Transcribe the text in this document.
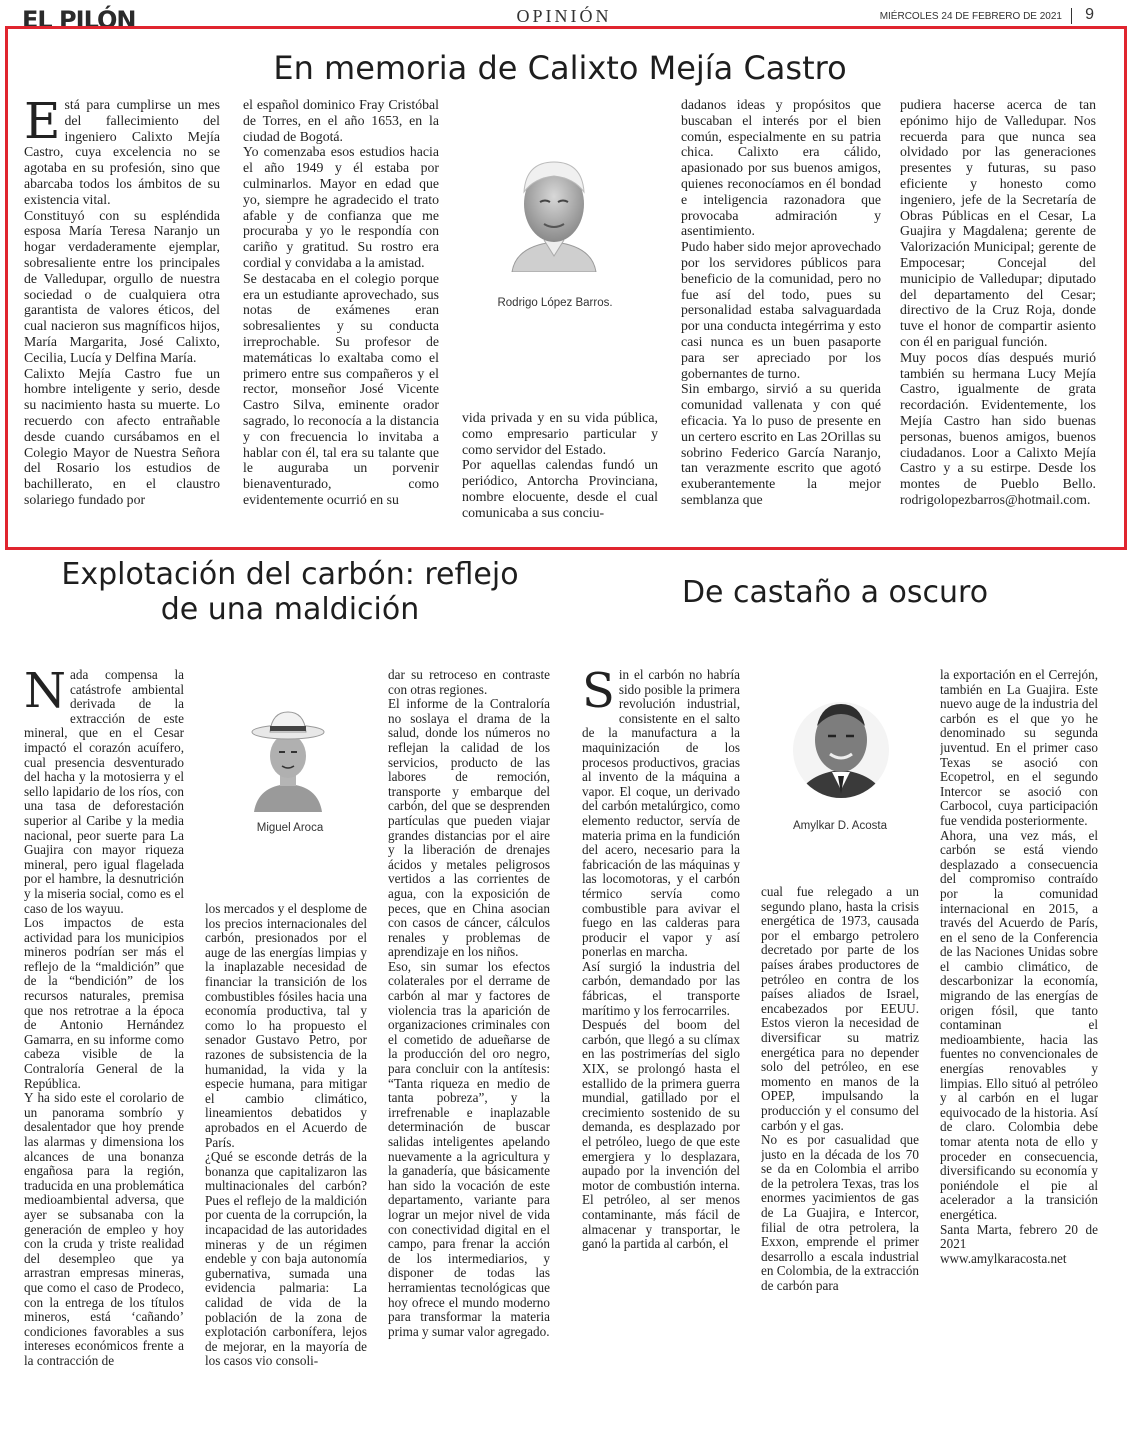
EL PILÓN	OPINIÓN	MIÉRCOLES 24 DE FEBRERO DE 2021 9
En memoria de Calixto Mejía Castro
E stá para cumplirse un mes del fallecimiento del ingeniero Calixto Mejía Castro, cuya excelencia no se agotaba en su profesión, sino que abarcaba todos los ámbitos de su existencia vital.
Constituyó con su espléndida esposa María Teresa Naranjo un hogar verdaderamente ejemplar, sobresaliente entre los principales de Valledupar, orgullo de nuestra sociedad o de cualquiera otra garantista de valores éticos, del cual nacieron sus magníficos hijos, María Margarita, José Calixto, Cecilia, Lucía y Delfina María.
Calixto Mejía Castro fue un hombre inteligente y serio, desde su nacimiento hasta su muerte. Lo recuerdo con afecto entrañable desde cuando cursábamos en el Colegio Mayor de Nuestra Señora del Rosario los estudios de bachillerato, en el claustro solariego fundado por

el español dominico Fray Cristóbal de Torres, en el año 1653, en la ciudad de Bogotá.
Yo comenzaba esos estudios hacia el año 1949 y él estaba por culminarlos. Mayor en edad que yo, siempre he agradecido el trato afable y de confianza que me procuraba y yo le respondía con cariño y gratitud. Su rostro era cordial y convidaba a la amistad.
Se destacaba en el colegio porque era un estudiante aprovechado, sus notas de exámenes eran sobresalientes y su conducta irreprochable. Su profesor de matemáticas lo exaltaba como el primero entre sus compañeros y el rector, monseñor José Vicente Castro Silva, eminente orador sagrado, lo reconocía a la distancia y con frecuencia lo invitaba a hablar con él, tal era su talante que le auguraba un porvenir bienaventurado, como evidentemente ocurrió en su

Rodrigo López Barros.

vida privada y en su vida pública, como empresario particular y como servidor del Estado.
Por aquellas calendas fundó un periódico, Antorcha Provinciana, nombre elocuente, desde el cual comunicaba a sus conciu-

dadanos ideas y propósitos que buscaban el interés por el bien común, especialmente en su patria chica. Calixto era cálido, apasionado por sus buenos amigos, quienes reconocíamos en él bondad e inteligencia razonadora que provocaba admiración y asentimiento.
Pudo haber sido mejor aprovechado por los servidores públicos para beneficio de la comunidad, pero no fue así del todo, pues su personalidad estaba salvaguardada por una conducta integérrima y esto casi nunca es un buen pasaporte para ser apreciado por los gobernantes de turno.
Sin embargo, sirvió a su querida comunidad vallenata y con qué eficacia. Ya lo puso de presente en un certero escrito en Las 2Orillas su sobrino Federico García Naranjo, tan verazmente escrito que agotó exuberantemente la mejor semblanza que

pudiera hacerse acerca de tan epónimo hijo de Valledupar. Nos recuerda para que nunca sea olvidado por las generaciones presentes y futuras, su paso eficiente y honesto como ingeniero, jefe de la Secretaría de Obras Públicas en el Cesar, La Guajira y Magdalena; gerente de Valorización Municipal; gerente de Empocesar; Concejal del municipio de Valledupar; diputado del departamento del Cesar; directivo de la Cruz Roja, donde tuve el honor de compartir asiento con él en parigual función.
Muy pocos días después murió también su hermana Lucy Mejía Castro, igualmente de grata recordación. Evidentemente, los Mejía Castro han sido buenas personas, buenos amigos, buenos ciudadanos. Loor a Calixto Mejía Castro y a su estirpe. Desde los montes de Pueblo Bello. rodrigolopezbarros@hotmail.com.

Explotación del carbón: reflejo
de una maldición
N ada compensa la catástrofe ambiental derivada de la extracción de este mineral, que en el Cesar impactó el corazón acuífero, cual presencia desventurado del hacha y la motosierra y el sello lapidario de los ríos, con una tasa de deforestación superior al Caribe y la media nacional, peor suerte para La Guajira con mayor riqueza mineral, pero igual flagelada por el hambre, la desnutrición y la miseria social, como es el caso de los wayuu.
Los impactos de esta actividad para los municipios mineros podrían ser más el reflejo de la “maldición” que de la “bendición” de los recursos naturales, premisa que nos retrotrae a la época de Antonio Hernández Gamarra, en su informe como cabeza visible de la Contraloría General de la República.
Y ha sido este el corolario de un panorama sombrío y desalentador que hoy prende las alarmas y dimensiona los alcances de una bonanza engañosa para la región, traducida en una problemática medioambiental adversa, que ayer se subsanaba con la generación de empleo y hoy con la cruda y triste realidad del desempleo que ya arrastran empresas mineras, que como el caso de Prodeco, con la entrega de los títulos mineros, está ‘cañando’ condiciones favorables a sus intereses económicos frente a la contracción de

Miguel Aroca

los mercados y el desplome de los precios internacionales del carbón, presionados por el auge de las energías limpias y la inaplazable necesidad de financiar la transición de los combustibles fósiles hacia una economía productiva, tal y como lo ha propuesto el senador Gustavo Petro, por razones de subsistencia de la humanidad, la vida y la especie humana, para mitigar el cambio climático, lineamientos debatidos y aprobados en el Acuerdo de París.
¿Qué se esconde detrás de la bonanza que capitalizaron las multinacionales del carbón? Pues el reflejo de la maldición por cuenta de la corrupción, la incapacidad de las autoridades mineras y de un régimen endeble y con baja autonomía gubernativa, sumada una evidencia palmaria: La calidad de vida de la población de la zona de explotación carbonífera, lejos de mejorar, en la mayoría de los casos vio consoli-

dar su retroceso en contraste con otras regiones.
El informe de la Contraloría no soslaya el drama de la salud, donde los números no reflejan la calidad de los servicios, producto de las labores de remoción, transporte y embarque del carbón, del que se desprenden partículas que pueden viajar grandes distancias por el aire y la liberación de drenajes ácidos y metales peligrosos vertidos a las corrientes de agua, con la exposición de peces, que en China asocian con casos de cáncer, cálculos renales y problemas de aprendizaje en los niños.
Eso, sin sumar los efectos colaterales por el derrame de carbón al mar y factores de violencia tras la aparición de organizaciones criminales con el cometido de adueñarse de la producción del oro negro, para concluir con la antítesis: “Tanta riqueza en medio de tanta pobreza”, y la irrefrenable e inaplazable determinación de buscar salidas inteligentes apelando nuevamente a la agricultura y la ganadería, que básicamente han sido la vocación de este departamento, variante para lograr un mejor nivel de vida con conectividad digital en el campo, para frenar la acción de los intermediarios, y disponer de todas las herramientas tecnológicas que hoy ofrece el mundo moderno para transformar la materia prima y sumar valor agregado.

De castaño a oscuro
S in el carbón no habría sido posible la primera revolución industrial, consistente en el salto de la manufactura a la maquinización de los procesos productivos, gracias al invento de la máquina a vapor. El coque, un derivado del carbón metalúrgico, como elemento reductor, servía de materia prima en la fundición del acero, necesario para la fabricación de las máquinas y las locomotoras, y el carbón térmico servía como combustible para avivar el fuego en las calderas para producir el vapor y así ponerlas en marcha.
Así surgió la industria del carbón, demandado por las fábricas, el transporte marítimo y los ferrocarriles.
Después del boom del carbón, que llegó a su clímax en las postrimerías del siglo XIX, se prolongó hasta el estallido de la primera guerra mundial, gatillado por el crecimiento sostenido de su demanda, es desplazado por el petróleo, luego de que este emergiera y lo desplazara, aupado por la invención del motor de combustión interna. El petróleo, al ser menos contaminante, más fácil de almacenar y transportar, le ganó la partida al carbón, el

Amylkar D. Acosta

cual fue relegado a un segundo plano, hasta la crisis energética de 1973, causada por el embargo petrolero decretado por parte de los países árabes productores de petróleo en contra de los países aliados de Israel, encabezados por EEUU. Estos vieron la necesidad de diversificar su matriz energética para no depender solo del petróleo, en ese momento en manos de la OPEP, impulsando la producción y el consumo del carbón y el gas.
No es por casualidad que justo en la década de los 70 se da en Colombia el arribo de la petrolera Texas, tras los enormes yacimientos de gas de La Guajira, e Intercor, filial de otra petrolera, la Exxon, emprende el primer desarrollo a escala industrial en Colombia, de la extracción de carbón para

la exportación en el Cerrejón, también en La Guajira. Este nuevo auge de la industria del carbón es el que yo he denominado su segunda juventud. En el primer caso Texas se asoció con Ecopetrol, en el segundo Intercor se asoció con Carbocol, cuya participación fue vendida posteriormente.
Ahora, una vez más, el carbón se está viendo desplazado a consecuencia del compromiso contraído por la comunidad internacional en 2015, a través del Acuerdo de París, en el seno de la Conferencia de las Naciones Unidas sobre el cambio climático, de descarbonizar la economía, migrando de las energías de origen fósil, que tanto contaminan el medioambiente, hacia las fuentes no convencionales de energías renovables y limpias. Ello situó al petróleo y al carbón en el lugar equivocado de la historia. Así de claro. Colombia debe tomar atenta nota de ello y proceder en consecuencia, diversificando su economía y poniéndole el pie al acelerador a la transición energética.
Santa Marta, febrero 20 de 2021
www.amylkaracosta.net
